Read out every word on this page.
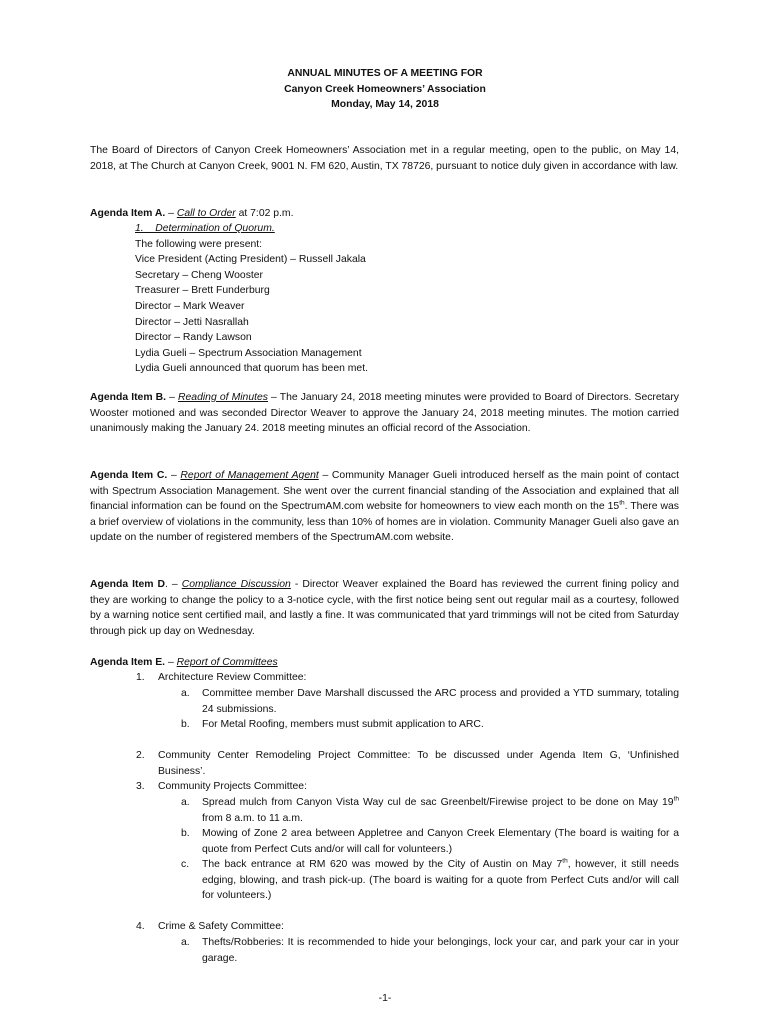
ANNUAL MINUTES OF A MEETING FOR
Canyon Creek Homeowners’ Association
Monday, May 14, 2018

The Board of Directors of Canyon Creek Homeowners’ Association met in a regular meeting, open to the public, on May 14, 2018, at The Church at Canyon Creek, 9001 N. FM 620, Austin, TX 78726, pursuant to notice duly given in accordance with law.

Agenda Item A. – Call to Order at 7:02 p.m.
1.    Determination of Quorum.
The following were present:
Vice President (Acting President) – Russell Jakala
Secretary – Cheng Wooster
Treasurer – Brett Funderburg
Director – Mark Weaver
Director – Jetti Nasrallah
Director – Randy Lawson
Lydia Gueli – Spectrum Association Management
Lydia Gueli announced that quorum has been met.

Agenda Item B. – Reading of Minutes – The January 24, 2018 meeting minutes were provided to Board of Directors. Secretary Wooster motioned and was seconded Director Weaver to approve the January 24, 2018 meeting minutes. The motion carried unanimously making the January 24. 2018 meeting minutes an official record of the Association.

Agenda Item C. – Report of Management Agent – Community Manager Gueli introduced herself as the main point of contact with Spectrum Association Management. She went over the current financial standing of the Association and explained that all financial information can be found on the SpectrumAM.com website for homeowners to view each month on the 15th. There was a brief overview of violations in the community, less than 10% of homes are in violation. Community Manager Gueli also gave an update on the number of registered members of the SpectrumAM.com website.

Agenda Item D. – Compliance Discussion - Director Weaver explained the Board has reviewed the current fining policy and they are working to change the policy to a 3-notice cycle, with the first notice being sent out regular mail as a courtesy, followed by a warning notice sent certified mail, and lastly a fine. It was communicated that yard trimmings will not be cited from Saturday through pick up day on Wednesday.

Agenda Item E. – Report of Committees
1. Architecture Review Committee:
a. Committee member Dave Marshall discussed the ARC process and provided a YTD summary, totaling 24 submissions.
b. For Metal Roofing, members must submit application to ARC.
2. Community Center Remodeling Project Committee: To be discussed under Agenda Item G, ‘Unfinished Business’.
3. Community Projects Committee:
a. Spread mulch from Canyon Vista Way cul de sac Greenbelt/Firewise project to be done on May 19th from 8 a.m. to 11 a.m.
b. Mowing of Zone 2 area between Appletree and Canyon Creek Elementary (The board is waiting for a quote from Perfect Cuts and/or will call for volunteers.)
c. The back entrance at RM 620 was mowed by the City of Austin on May 7th, however, it still needs edging, blowing, and trash pick-up. (The board is waiting for a quote from Perfect Cuts and/or will call for volunteers.)
4. Crime & Safety Committee:
a. Thefts/Robberies: It is recommended to hide your belongings, lock your car, and park your car in your garage.
-1-
